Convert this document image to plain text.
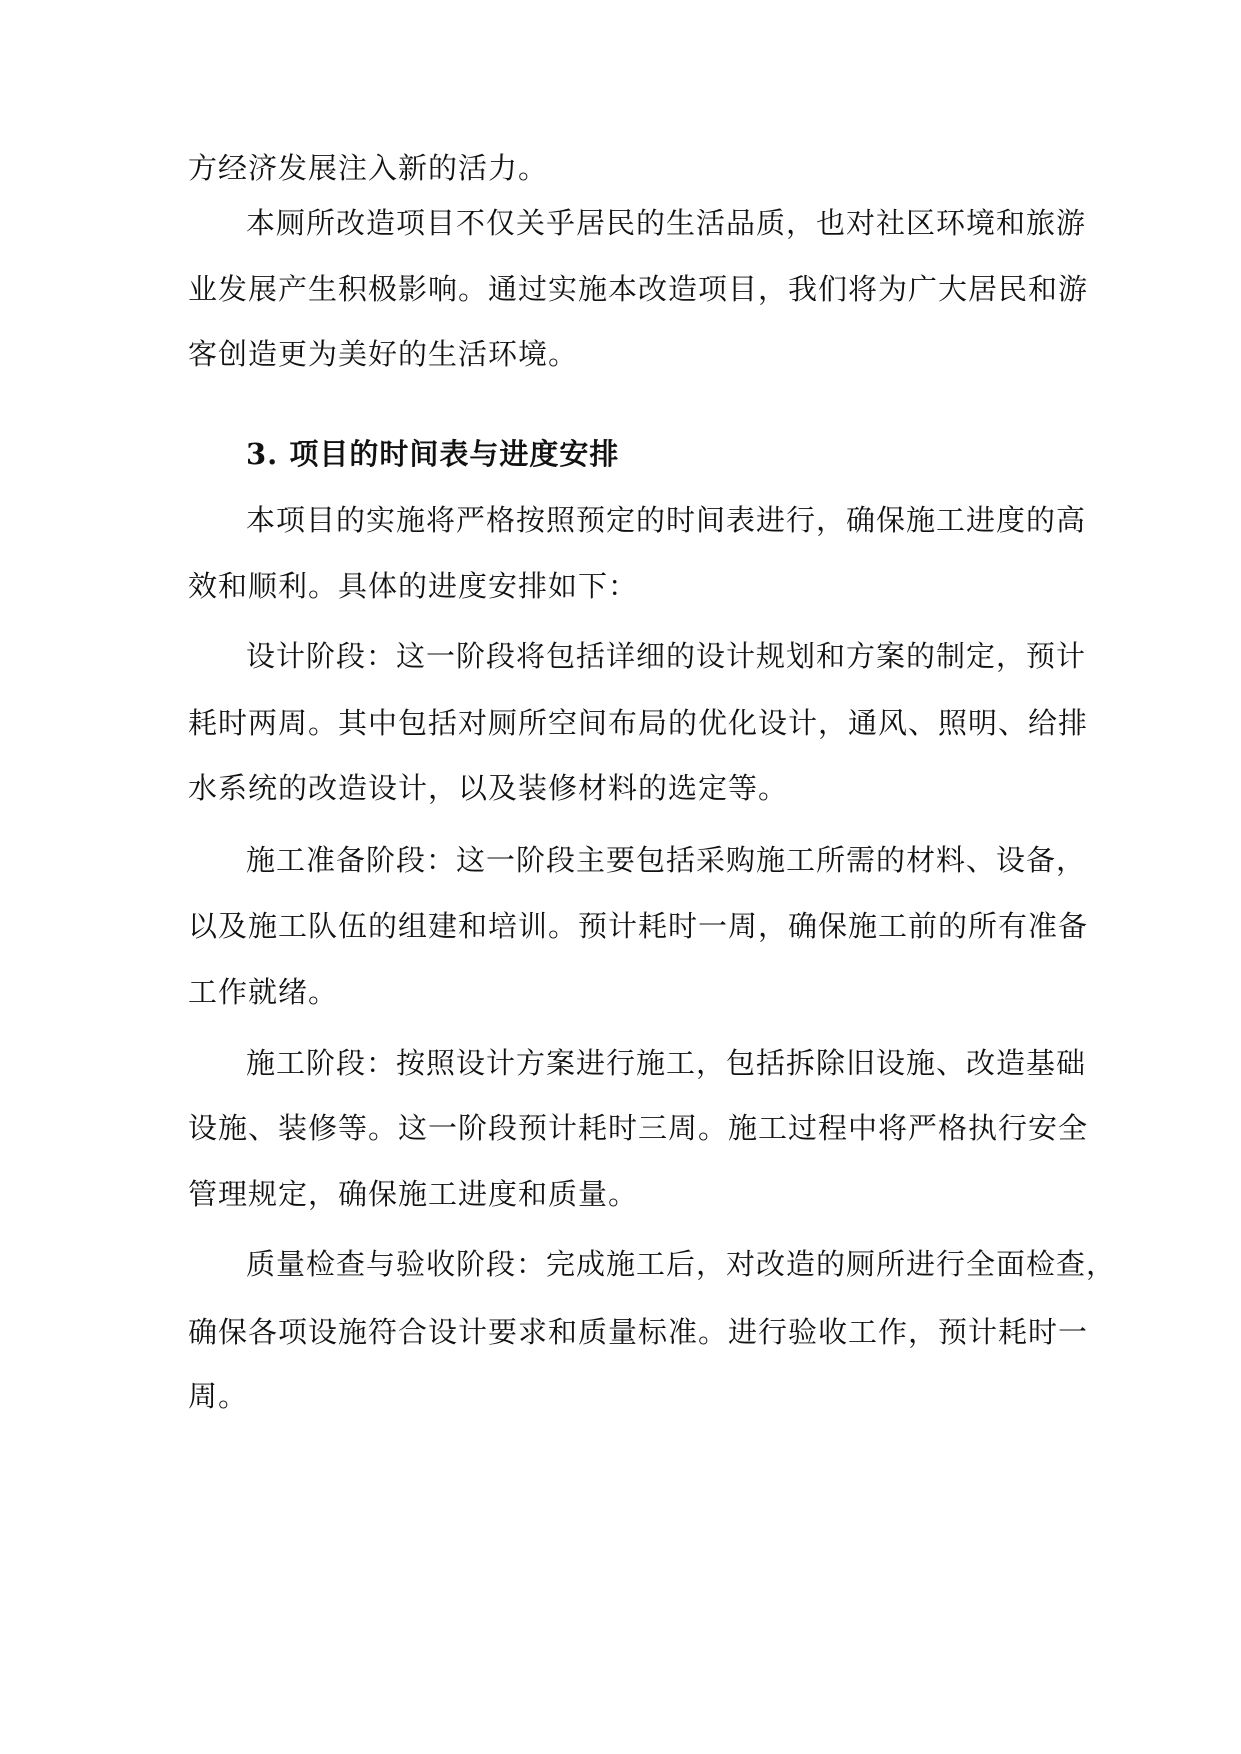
方经济发展注入新的活力。
本厕所改造项目不仅关乎居民的生活品质，也对社区环境和旅游
业发展产生积极影响。通过实施本改造项目，我们将为广大居民和游
客创造更为美好的生活环境。
3. 项目的时间表与进度安排
本项目的实施将严格按照预定的时间表进行，确保施工进度的高
效和顺利。具体的进度安排如下：
设计阶段：这一阶段将包括详细的设计规划和方案的制定，预计
耗时两周。其中包括对厕所空间布局的优化设计，通风、照明、给排
水系统的改造设计，以及装修材料的选定等。
施工准备阶段：这一阶段主要包括采购施工所需的材料、设备，
以及施工队伍的组建和培训。预计耗时一周，确保施工前的所有准备
工作就绪。
施工阶段：按照设计方案进行施工，包括拆除旧设施、改造基础
设施、装修等。这一阶段预计耗时三周。施工过程中将严格执行安全
管理规定，确保施工进度和质量。
质量检查与验收阶段：完成施工后，对改造的厕所进行全面检查，
确保各项设施符合设计要求和质量标准。进行验收工作，预计耗时一
周。
